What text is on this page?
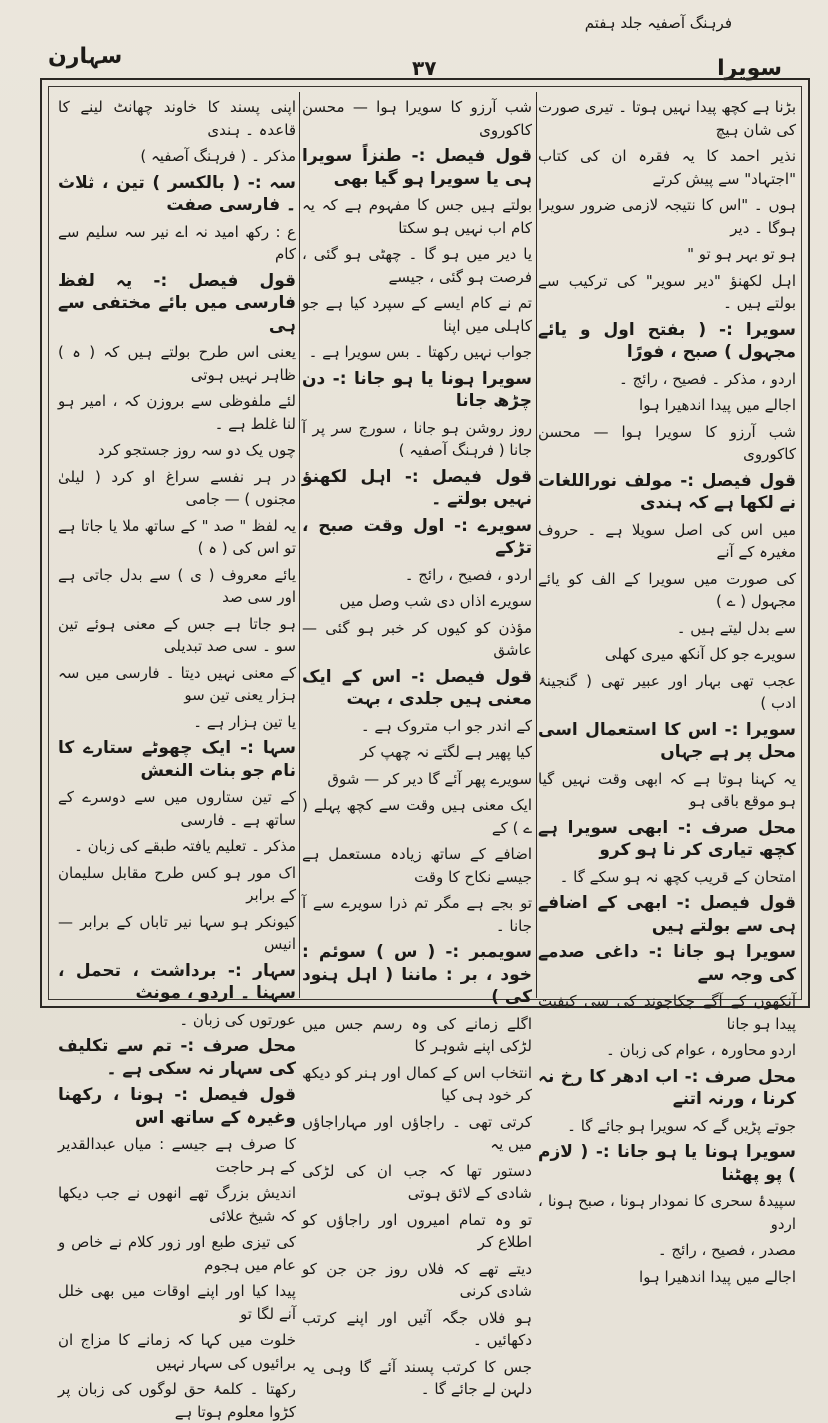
فرہنگ آصفیہ جلد ہفتم
سہارن	۳۷	سویرا

بڑنا ہے کچھ پیدا نہیں ہوتا ۔ تیری صورت کی شان ہیچ

نذیر احمد کا یہ فقرہ ان کی کتاب "اجتہاد" سے پیش کرتے

ہوں ۔ "اس کا نتیجہ لازمی ضرور سویرا ہوگا ۔ دیر

ہو تو بہر ہو تو "

اہل لکھنؤ "دیر سویر" کی ترکیب سے بولتے ہیں ۔

سویرا :- ( بفتح اول و یائے مجہول ) صبح ، فورًا

اردو ، مذکر ۔ فصیح ، رائج ۔

اجالے میں پیدا اندھیرا ہوا

شب آرزو کا سویرا ہوا — محسن کاکوروی

قول فیصل :- مولف نوراللغات نے لکھا ہے کہ ہندی

میں اس کی اصل سویلا ہے ۔ حروف مغیرہ کے آنے

کی صورت میں سویرا کے الف کو یائے مجہول ( ے )

سے بدل لیتے ہیں ۔

سویرے جو کل آنکھ میری کھلی

عجب تھی بہار اور عبیر تھی ( گنجینۂ ادب )

سویرا :- اس کا استعمال اسی محل پر ہے جہاں

یہ کہنا ہوتا ہے کہ ابھی وقت نہیں گیا ہو موقع باقی ہو

محل صرف :- ابھی سویرا ہے کچھ تیاری کر نا ہو کرو

امتحان کے قریب کچھ نہ ہو سکے گا ۔

قول فیصل :- ابھی کے اضافے ہی سے بولتے ہیں

سویرا ہو جانا :- داغی صدمے کی وجہ سے

آنکھوں کے آگے چکاچوند کی سی کیفیت پیدا ہو جانا

اردو محاورہ ، عوام کی زبان ۔

محل صرف :- اب ادھر کا رخ نہ کرنا ، ورنہ اتنے

جوتے پڑیں گے کہ سویرا ہو جائے گا ۔

سویرا ہونا یا ہو جانا :- ( لازم ) پو پھٹنا

سپیدۂ سحری کا نمودار ہونا ، صبح ہونا ، اردو

مصدر ، فصیح ، رائج ۔

اجالے میں پیدا اندھیرا ہوا

شب آرزو کا سویرا ہوا — محسن کاکوروی

قول فیصل :- طنزاً سویرا ہی یا سویرا ہو گیا بھی

بولتے ہیں جس کا مفہوم ہے کہ یہ کام اب نہیں ہو سکتا

یا دیر میں ہو گا ۔ چھٹی ہو گئی ، فرصت ہو گئی ، جیسے

تم نے کام ایسے کے سپرد کیا ہے جو کاہلی میں اپنا

جواب نہیں رکھتا ۔ بس سویرا ہے ۔

سویرا ہونا یا ہو جانا :- دن چڑھ جانا

روز روشن ہو جانا ، سورج سر پر آ جانا ( فرہنگ آصفیہ )

قول فیصل :- اہل لکھنؤ نہیں بولتے ۔

سویرے :- اول وقت صبح ، تڑکے

اردو ، فصیح ، رائج ۔

سویرے اذاں دی شب وصل میں

مؤذن کو کیوں کر خبر ہو گئی — عاشق

قول فیصل :- اس کے ایک معنی ہیں جلدی ، بہت

کے اندر جو اب متروک ہے ۔

کیا پھیر ہے لگتے نہ چھپ کر

سویرے پھر آئے گا دیر کر — شوق

ایک معنی ہیں وقت سے کچھ پہلے ( ے ) کے

اضافے کے ساتھ زیادہ مستعمل ہے جیسے نکاح کا وقت

تو بجے ہے مگر تم ذرا سویرے سے آ جانا ۔

سویمبر :- ( س ) سوئم : خود ، بر : ماننا ( اہل ہنود کی )

اگلے زمانے کی وہ رسم جس میں لڑکی اپنے شوہر کا

انتخاب اس کے کمال اور ہنر کو دیکھ کر خود ہی کیا

کرتی تھی ۔ راجاؤں اور مہاراجاؤں میں یہ

دستور تھا کہ جب ان کی لڑکی شادی کے لائق ہوتی

تو وہ تمام امیروں اور راجاؤں کو اطلاع کر

دیتے تھے کہ فلاں روز جن جن کو شادی کرنی

ہو فلاں جگہ آئیں اور اپنے کرتب دکھائیں ۔

جس کا کرتب پسند آئے گا وہی یہ دلہن لے جائے گا ۔

اپنی پسند کا خاوند چھانٹ لینے کا قاعدہ ۔ ہندی

مذکر ۔ ( فرہنگ آصفیہ )

سہ :- ( بالکسر ) تین ، ثلاث ۔ فارسی صفت

ع : رکھ امید نہ اے نیر سہ سلیم سے کام

قول فیصل :- یہ لفظ فارسی میں بائے مختفی سے ہی

یعنی اس طرح بولتے ہیں کہ ( ہ ) ظاہر نہیں ہوتی

لئے ملفوظی سے بروزن کہ ، امیر ہو لنا غلط ہے ۔

چوں یک دو سہ روز جستجو کرد

در ہر نفسے سراغ او کرد ( لیلیٰ مجنوں ) — جامی

یہ لفظ " صد " کے ساتھ ملا یا جاتا ہے تو اس کی ( ہ )

یائے معروف ( ی ) سے بدل جاتی ہے اور سی صد

ہو جاتا ہے جس کے معنی ہوئے تین سو ۔ سی صد تبدیلی

کے معنی نہیں دیتا ۔ فارسی میں سہ ہزار یعنی تین سو

یا تین ہزار ہے ۔

سہا :- ایک چھوٹے ستارے کا نام جو بنات النعش

کے تین ستاروں میں سے دوسرے کے ساتھ ہے ۔ فارسی

مذکر ۔ تعلیم یافتہ طبقے کی زبان ۔

اک مور ہو کس طرح مقابل سلیمان کے برابر

کیونکر ہو سہا نیر تاباں کے برابر — انیس

سہار :- برداشت ، تحمل ، سہنا ۔ اردو ، مونث

عورتوں کی زبان ۔

محل صرف :- تم سے تکلیف کی سہار نہ سکی ہے ۔

قول فیصل :- ہونا ، رکھنا وغیرہ کے ساتھ اس

کا صرف ہے جیسے : میاں عبدالقدیر کے ہر حاجت

اندیش بزرگ تھے انھوں نے جب دیکھا کہ شیخ علائی

کی تیزی طبع اور زور کلام نے خاص و عام میں ہجوم

پیدا کیا اور اپنے اوقات میں بھی خلل آنے لگا تو

خلوت میں کہا کہ زمانے کا مزاج ان برائیوں کی سہار نہیں

رکھتا ۔ کلمۂ حق لوگوں کی زبان پر کڑوا معلوم ہوتا ہے
